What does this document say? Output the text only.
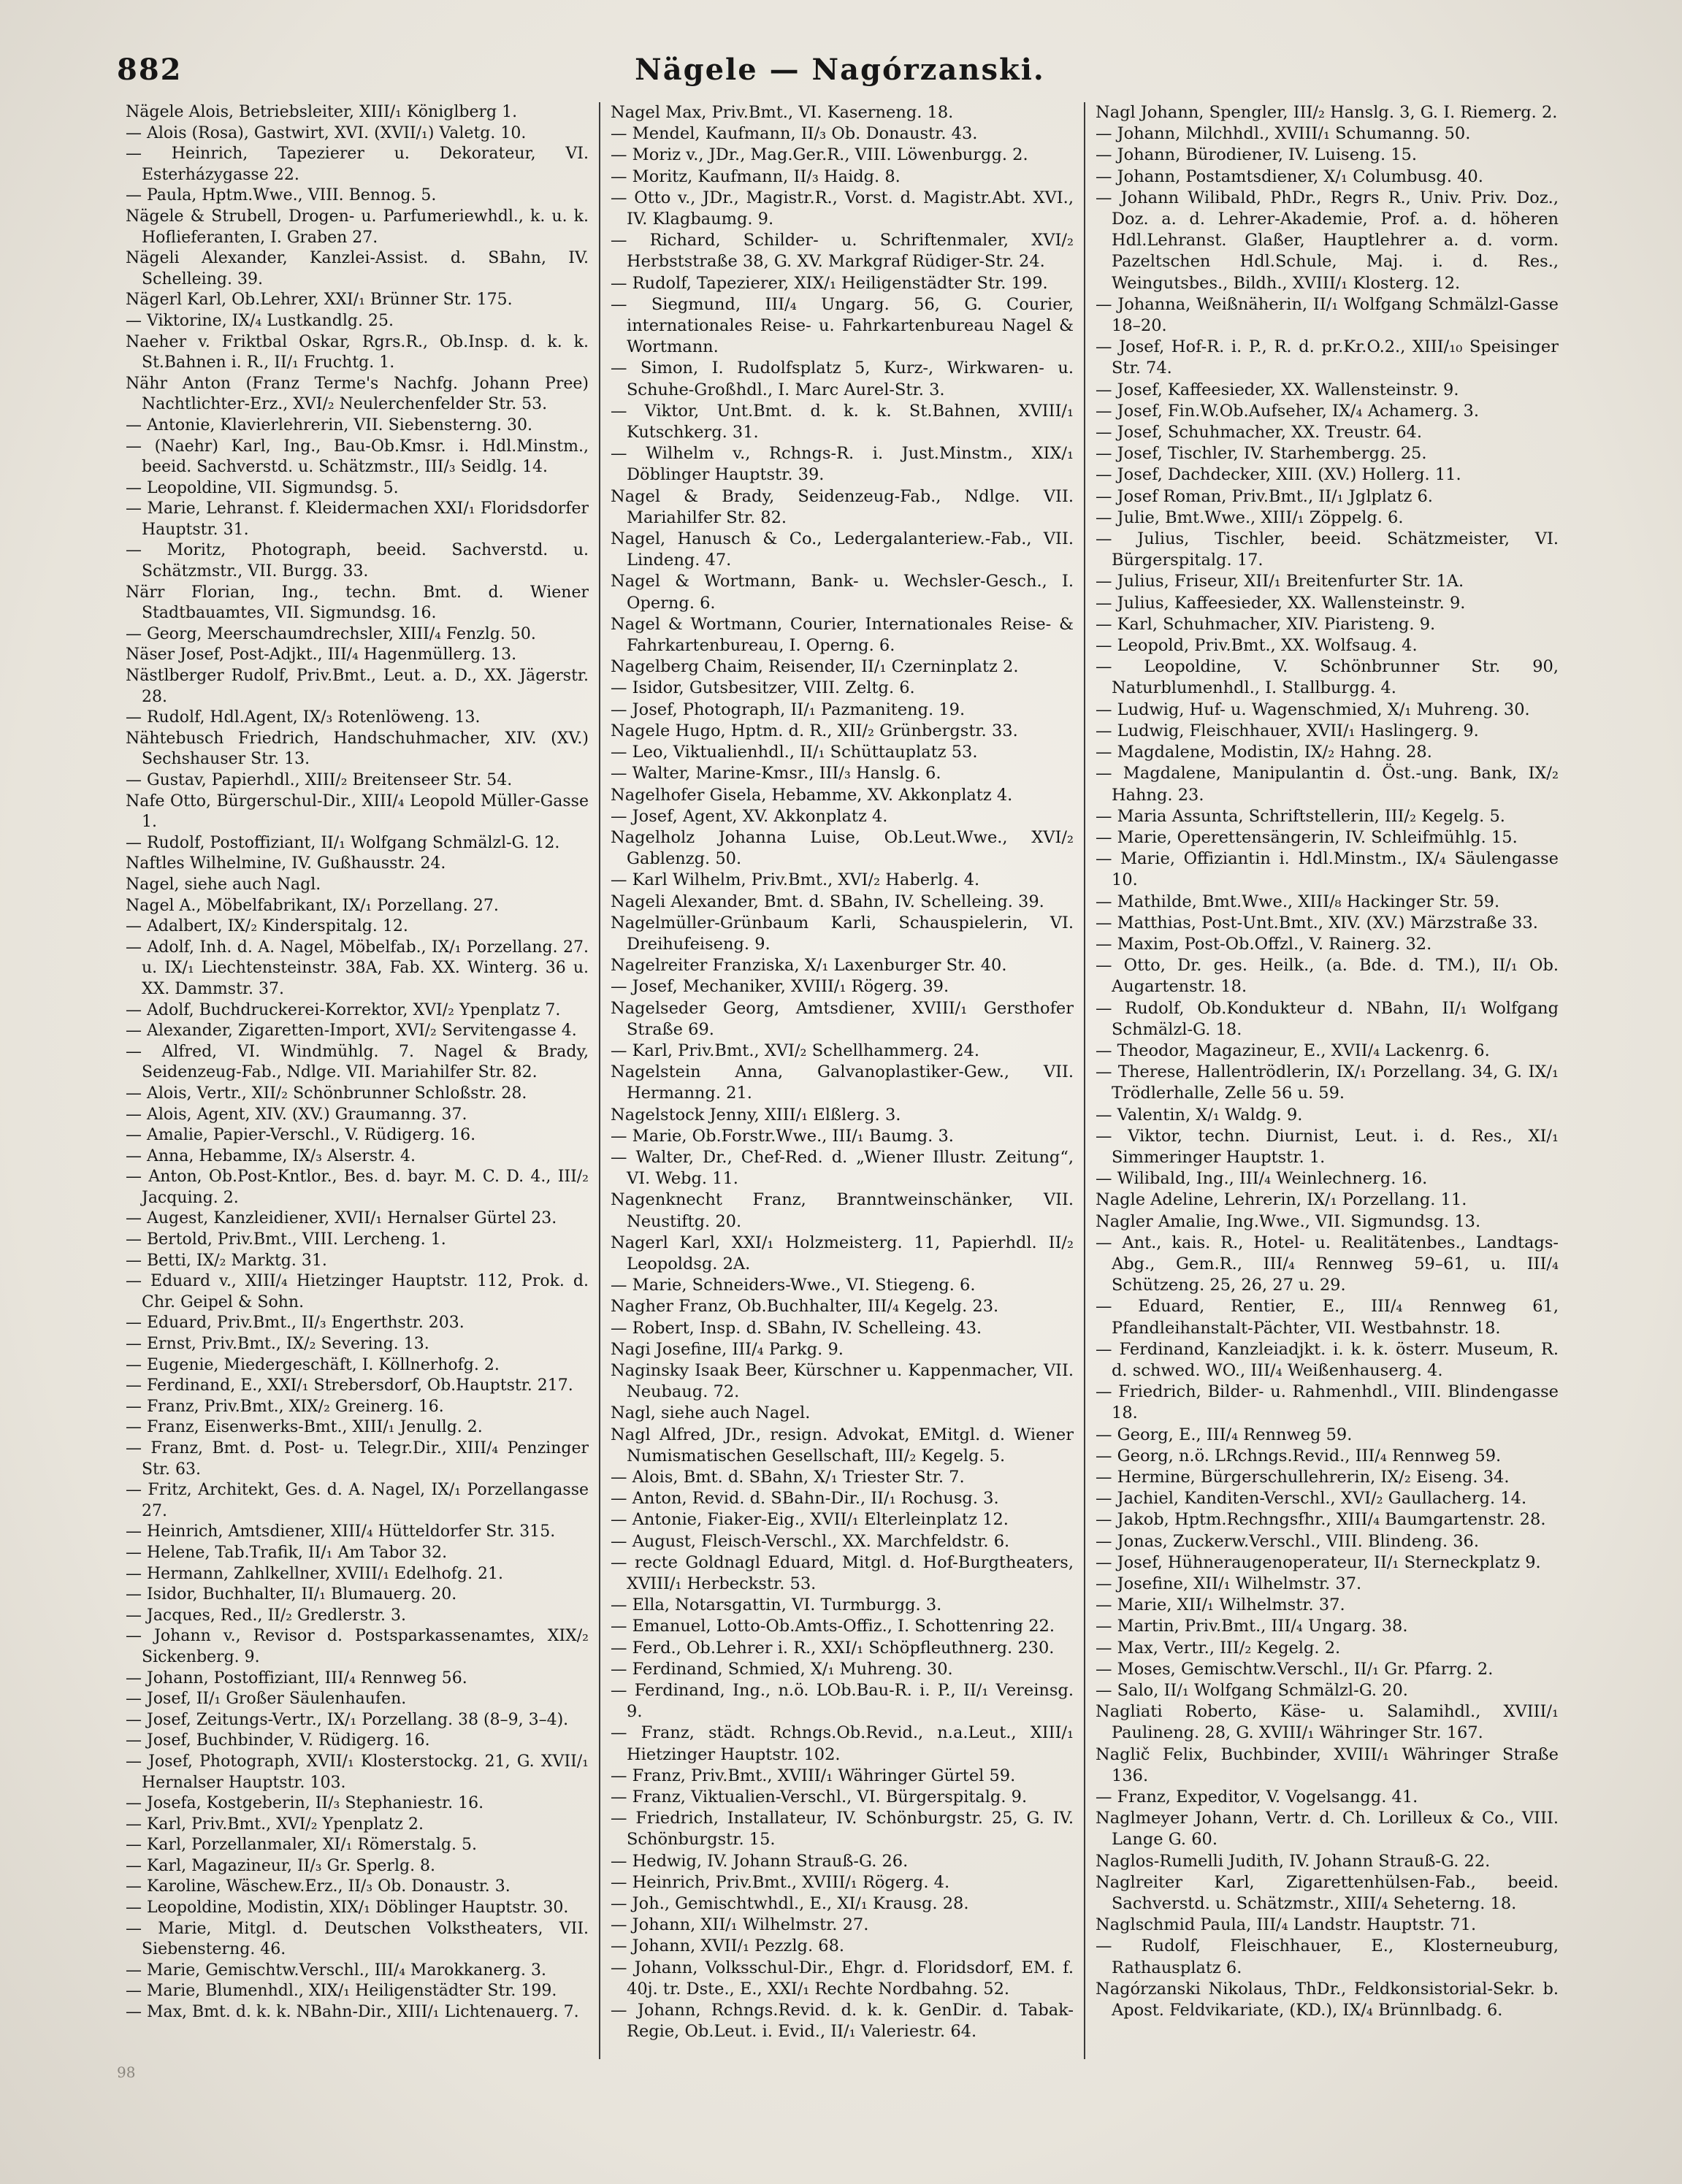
882	Nägele — Nagórzanski.

Nägele Alois, Betriebsleiter, XIII/₁ Königlberg 1.

— Alois (Rosa), Gastwirt, XVI. (XVII/₁) Valetg. 10.

— Heinrich, Tapezierer u. Dekorateur, VI. Esterházygasse 22.

— Paula, Hptm.Wwe., VIII. Bennog. 5.

Nägele & Strubell, Drogen- u. Parfumeriewhdl., k. u. k. Hoflieferanten, I. Graben 27.

Nägeli Alexander, Kanzlei-Assist. d. SBahn, IV. Schelleing. 39.

Nägerl Karl, Ob.Lehrer, XXI/₁ Brünner Str. 175.

— Viktorine, IX/₄ Lustkandlg. 25.

Naeher v. Friktbal Oskar, Rgrs.R., Ob.Insp. d. k. k. St.Bahnen i. R., II/₁ Fruchtg. 1.

Nähr Anton (Franz Terme's Nachfg. Johann Pree) Nachtlichter-Erz., XVI/₂ Neulerchenfelder Str. 53.

— Antonie, Klavierlehrerin, VII. Siebensterng. 30.

— (Naehr) Karl, Ing., Bau-Ob.Kmsr. i. Hdl.Minstm., beeid. Sachverstd. u. Schätzmstr., III/₃ Seidlg. 14.

— Leopoldine, VII. Sigmundsg. 5.

— Marie, Lehranst. f. Kleidermachen XXI/₁ Floridsdorfer Hauptstr. 31.

— Moritz, Photograph, beeid. Sachverstd. u. Schätzmstr., VII. Burgg. 33.

Närr Florian, Ing., techn. Bmt. d. Wiener Stadtbauamtes, VII. Sigmundsg. 16.

— Georg, Meerschaumdrechsler, XIII/₄ Fenzlg. 50.

Näser Josef, Post-Adjkt., III/₄ Hagenmüllerg. 13.

Nästlberger Rudolf, Priv.Bmt., Leut. a. D., XX. Jägerstr. 28.

— Rudolf, Hdl.Agent, IX/₃ Rotenlöweng. 13.

Nähtebusch Friedrich, Handschuhmacher, XIV. (XV.) Sechshauser Str. 13.

— Gustav, Papierhdl., XIII/₂ Breitenseer Str. 54.

Nafe Otto, Bürgerschul-Dir., XIII/₄ Leopold Müller-Gasse 1.

— Rudolf, Postoffiziant, II/₁ Wolfgang Schmälzl-G. 12.

Naftles Wilhelmine, IV. Gußhausstr. 24.

Nagel, siehe auch Nagl.

Nagel A., Möbelfabrikant, IX/₁ Porzellang. 27.

— Adalbert, IX/₂ Kinderspitalg. 12.

— Adolf, Inh. d. A. Nagel, Möbelfab., IX/₁ Porzellang. 27. u. IX/₁ Liechtensteinstr. 38A, Fab. XX. Winterg. 36 u. XX. Dammstr. 37.

— Adolf, Buchdruckerei-Korrektor, XVI/₂ Ypenplatz 7.

— Alexander, Zigaretten-Import, XVI/₂ Servitengasse 4.

— Alfred, VI. Windmühlg. 7. Nagel & Brady, Seidenzeug-Fab., Ndlge. VII. Mariahilfer Str. 82.

— Alois, Vertr., XII/₂ Schönbrunner Schloßstr. 28.

— Alois, Agent, XIV. (XV.) Graumanng. 37.

— Amalie, Papier-Verschl., V. Rüdigerg. 16.

— Anna, Hebamme, IX/₃ Alserstr. 4.

— Anton, Ob.Post-Kntlor., Bes. d. bayr. M. C. D. 4., III/₂ Jacquing. 2.

— Augest, Kanzleidiener, XVII/₁ Hernalser Gürtel 23.

— Bertold, Priv.Bmt., VIII. Lercheng. 1.

— Betti, IX/₂ Marktg. 31.

— Eduard v., XIII/₄ Hietzinger Hauptstr. 112, Prok. d. Chr. Geipel & Sohn.

— Eduard, Priv.Bmt., II/₃ Engerthstr. 203.

— Ernst, Priv.Bmt., IX/₂ Severing. 13.

— Eugenie, Miedergeschäft, I. Köllnerhofg. 2.

— Ferdinand, E., XXI/₁ Strebersdorf, Ob.Hauptstr. 217.

— Franz, Priv.Bmt., XIX/₂ Greinerg. 16.

— Franz, Eisenwerks-Bmt., XIII/₁ Jenullg. 2.

— Franz, Bmt. d. Post- u. Telegr.Dir., XIII/₄ Penzinger Str. 63.

— Fritz, Architekt, Ges. d. A. Nagel, IX/₁ Porzellangasse 27.

— Heinrich, Amtsdiener, XIII/₄ Hütteldorfer Str. 315.

— Helene, Tab.Trafik, II/₁ Am Tabor 32.

— Hermann, Zahlkellner, XVIII/₁ Edelhofg. 21.

— Isidor, Buchhalter, II/₁ Blumauerg. 20.

— Jacques, Red., II/₂ Gredlerstr. 3.

— Johann v., Revisor d. Postsparkassenamtes, XIX/₂ Sickenberg. 9.

— Johann, Postoffiziant, III/₄ Rennweg 56.

— Josef, II/₁ Großer Säulenhaufen.

— Josef, Zeitungs-Vertr., IX/₁ Porzellang. 38 (8–9, 3–4).

— Josef, Buchbinder, V. Rüdigerg. 16.

— Josef, Photograph, XVII/₁ Klosterstockg. 21, G. XVII/₁ Hernalser Hauptstr. 103.

— Josefa, Kostgeberin, II/₃ Stephaniestr. 16.

— Karl, Priv.Bmt., XVI/₂ Ypenplatz 2.

— Karl, Porzellanmaler, XI/₁ Römerstalg. 5.

— Karl, Magazineur, II/₃ Gr. Sperlg. 8.

— Karoline, Wäschew.Erz., II/₃ Ob. Donaustr. 3.

— Leopoldine, Modistin, XIX/₁ Döblinger Hauptstr. 30.

— Marie, Mitgl. d. Deutschen Volkstheaters, VII. Siebensterng. 46.

— Marie, Gemischtw.Verschl., III/₄ Marokkanerg. 3.

— Marie, Blumenhdl., XIX/₁ Heiligenstädter Str. 199.

— Max, Bmt. d. k. k. NBahn-Dir., XIII/₁ Lichtenauerg. 7.

Nagel Max, Priv.Bmt., VI. Kaserneng. 18.

— Mendel, Kaufmann, II/₃ Ob. Donaustr. 43.

— Moriz v., JDr., Mag.Ger.R., VIII. Löwenburgg. 2.

— Moritz, Kaufmann, II/₃ Haidg. 8.

— Otto v., JDr., Magistr.R., Vorst. d. Magistr.Abt. XVI., IV. Klagbaumg. 9.

— Richard, Schilder- u. Schriftenmaler, XVI/₂ Herbststraße 38, G. XV. Markgraf Rüdiger-Str. 24.

— Rudolf, Tapezierer, XIX/₁ Heiligenstädter Str. 199.

— Siegmund, III/₄ Ungarg. 56, G. Courier, internationales Reise- u. Fahrkartenbureau Nagel & Wortmann.

— Simon, I. Rudolfsplatz 5, Kurz-, Wirkwaren- u. Schuhe-Großhdl., I. Marc Aurel-Str. 3.

— Viktor, Unt.Bmt. d. k. k. St.Bahnen, XVIII/₁ Kutschkerg. 31.

— Wilhelm v., Rchngs-R. i. Just.Minstm., XIX/₁ Döblinger Hauptstr. 39.

Nagel & Brady, Seidenzeug-Fab., Ndlge. VII. Mariahilfer Str. 82.

Nagel, Hanusch & Co., Ledergalanteriew.-Fab., VII. Lindeng. 47.

Nagel & Wortmann, Bank- u. Wechsler-Gesch., I. Operng. 6.

Nagel & Wortmann, Courier, Internationales Reise- & Fahrkartenbureau, I. Operng. 6.

Nagelberg Chaim, Reisender, II/₁ Czerninplatz 2.

— Isidor, Gutsbesitzer, VIII. Zeltg. 6.

— Josef, Photograph, II/₁ Pazmaniteng. 19.

Nagele Hugo, Hptm. d. R., XII/₂ Grünbergstr. 33.

— Leo, Viktualienhdl., II/₁ Schüttauplatz 53.

— Walter, Marine-Kmsr., III/₃ Hanslg. 6.

Nagelhofer Gisela, Hebamme, XV. Akkonplatz 4.

— Josef, Agent, XV. Akkonplatz 4.

Nagelholz Johanna Luise, Ob.Leut.Wwe., XVI/₂ Gablenzg. 50.

— Karl Wilhelm, Priv.Bmt., XVI/₂ Haberlg. 4.

Nageli Alexander, Bmt. d. SBahn, IV. Schelleing. 39.

Nagelmüller-Grünbaum Karli, Schauspielerin, VI. Dreihufeiseng. 9.

Nagelreiter Franziska, X/₁ Laxenburger Str. 40.

— Josef, Mechaniker, XVIII/₁ Rögerg. 39.

Nagelseder Georg, Amtsdiener, XVIII/₁ Gersthofer Straße 69.

— Karl, Priv.Bmt., XVI/₂ Schellhammerg. 24.

Nagelstein Anna, Galvanoplastiker-Gew., VII. Hermanng. 21.

Nagelstock Jenny, XIII/₁ Elßlerg. 3.

— Marie, Ob.Forstr.Wwe., III/₁ Baumg. 3.

— Walter, Dr., Chef-Red. d. „Wiener Illustr. Zeitung“, VI. Webg. 11.

Nagenknecht Franz, Branntweinschänker, VII. Neustiftg. 20.

Nagerl Karl, XXI/₁ Holzmeisterg. 11, Papierhdl. II/₂ Leopoldsg. 2A.

— Marie, Schneiders-Wwe., VI. Stiegeng. 6.

Nagher Franz, Ob.Buchhalter, III/₄ Kegelg. 23.

— Robert, Insp. d. SBahn, IV. Schelleing. 43.

Nagi Josefine, III/₄ Parkg. 9.

Naginsky Isaak Beer, Kürschner u. Kappenmacher, VII. Neubaug. 72.

Nagl, siehe auch Nagel.

Nagl Alfred, JDr., resign. Advokat, EMitgl. d. Wiener Numismatischen Gesellschaft, III/₂ Kegelg. 5.

— Alois, Bmt. d. SBahn, X/₁ Triester Str. 7.

— Anton, Revid. d. SBahn-Dir., II/₁ Rochusg. 3.

— Antonie, Fiaker-Eig., XVII/₁ Elterleinplatz 12.

— August, Fleisch-Verschl., XX. Marchfeldstr. 6.

— recte Goldnagl Eduard, Mitgl. d. Hof-Burgtheaters, XVIII/₁ Herbeckstr. 53.

— Ella, Notarsgattin, VI. Turmburgg. 3.

— Emanuel, Lotto-Ob.Amts-Offiz., I. Schottenring 22.

— Ferd., Ob.Lehrer i. R., XXI/₁ Schöpfleuthnerg. 230.

— Ferdinand, Schmied, X/₁ Muhreng. 30.

— Ferdinand, Ing., n.ö. LOb.Bau-R. i. P., II/₁ Vereinsg. 9.

— Franz, städt. Rchngs.Ob.Revid., n.a.Leut., XIII/₁ Hietzinger Hauptstr. 102.

— Franz, Priv.Bmt., XVIII/₁ Währinger Gürtel 59.

— Franz, Viktualien-Verschl., VI. Bürgerspitalg. 9.

— Friedrich, Installateur, IV. Schönburgstr. 25, G. IV. Schönburgstr. 15.

— Hedwig, IV. Johann Strauß-G. 26.

— Heinrich, Priv.Bmt., XVIII/₁ Rögerg. 4.

— Joh., Gemischtwhdl., E., XI/₁ Krausg. 28.

— Johann, XII/₁ Wilhelmstr. 27.

— Johann, XVII/₁ Pezzlg. 68.

— Johann, Volksschul-Dir., Ehgr. d. Floridsdorf, EM. f. 40j. tr. Dste., E., XXI/₁ Rechte Nordbahng. 52.

— Johann, Rchngs.Revid. d. k. k. GenDir. d. Tabak-Regie, Ob.Leut. i. Evid., II/₁ Valeriestr. 64.

Nagl Johann, Spengler, III/₂ Hanslg. 3, G. I. Riemerg. 2.

— Johann, Milchhdl., XVIII/₁ Schumanng. 50.

— Johann, Bürodiener, IV. Luiseng. 15.

— Johann, Postamtsdiener, X/₁ Columbusg. 40.

— Johann Wilibald, PhDr., Regrs R., Univ. Priv. Doz., Doz. a. d. Lehrer-Akademie, Prof. a. d. höheren Hdl.Lehranst. Glaßer, Hauptlehrer a. d. vorm. Pazeltschen Hdl.Schule, Maj. i. d. Res., Weingutsbes., Bildh., XVIII/₁ Klosterg. 12.

— Johanna, Weißnäherin, II/₁ Wolfgang Schmälzl-Gasse 18–20.

— Josef, Hof-R. i. P., R. d. pr.Kr.O.2., XIII/₁₀ Speisinger Str. 74.

— Josef, Kaffeesieder, XX. Wallensteinstr. 9.

— Josef, Fin.W.Ob.Aufseher, IX/₄ Achamerg. 3.

— Josef, Schuhmacher, XX. Treustr. 64.

— Josef, Tischler, IV. Starhembergg. 25.

— Josef, Dachdecker, XIII. (XV.) Hollerg. 11.

— Josef Roman, Priv.Bmt., II/₁ Jglplatz 6.

— Julie, Bmt.Wwe., XIII/₁ Zöppelg. 6.

— Julius, Tischler, beeid. Schätzmeister, VI. Bürgerspitalg. 17.

— Julius, Friseur, XII/₁ Breitenfurter Str. 1A.

— Julius, Kaffeesieder, XX. Wallensteinstr. 9.

— Karl, Schuhmacher, XIV. Piaristeng. 9.

— Leopold, Priv.Bmt., XX. Wolfsaug. 4.

— Leopoldine, V. Schönbrunner Str. 90, Naturblumenhdl., I. Stallburgg. 4.

— Ludwig, Huf- u. Wagenschmied, X/₁ Muhreng. 30.

— Ludwig, Fleischhauer, XVII/₁ Haslingerg. 9.

— Magdalene, Modistin, IX/₂ Hahng. 28.

— Magdalene, Manipulantin d. Öst.-ung. Bank, IX/₂ Hahng. 23.

— Maria Assunta, Schriftstellerin, III/₂ Kegelg. 5.

— Marie, Operettensängerin, IV. Schleifmühlg. 15.

— Marie, Offiziantin i. Hdl.Minstm., IX/₄ Säulengasse 10.

— Mathilde, Bmt.Wwe., XIII/₈ Hackinger Str. 59.

— Matthias, Post-Unt.Bmt., XIV. (XV.) Märzstraße 33.

— Maxim, Post-Ob.Offzl., V. Rainerg. 32.

— Otto, Dr. ges. Heilk., (a. Bde. d. TM.), II/₁ Ob. Augartenstr. 18.

— Rudolf, Ob.Kondukteur d. NBahn, II/₁ Wolfgang Schmälzl-G. 18.

— Theodor, Magazineur, E., XVII/₄ Lackenrg. 6.

— Therese, Hallentrödlerin, IX/₁ Porzellang. 34, G. IX/₁ Trödlerhalle, Zelle 56 u. 59.

— Valentin, X/₁ Waldg. 9.

— Viktor, techn. Diurnist, Leut. i. d. Res., XI/₁ Simmeringer Hauptstr. 1.

— Wilibald, Ing., III/₄ Weinlechnerg. 16.

Nagle Adeline, Lehrerin, IX/₁ Porzellang. 11.

Nagler Amalie, Ing.Wwe., VII. Sigmundsg. 13.

— Ant., kais. R., Hotel- u. Realitätenbes., Landtags-Abg., Gem.R., III/₄ Rennweg 59–61, u. III/₄ Schützeng. 25, 26, 27 u. 29.

— Eduard, Rentier, E., III/₄ Rennweg 61, Pfandleihanstalt-Pächter, VII. Westbahnstr. 18.

— Ferdinand, Kanzleiadjkt. i. k. k. österr. Museum, R. d. schwed. WO., III/₄ Weißenhauserg. 4.

— Friedrich, Bilder- u. Rahmenhdl., VIII. Blindengasse 18.

— Georg, E., III/₄ Rennweg 59.

— Georg, n.ö. LRchngs.Revid., III/₄ Rennweg 59.

— Hermine, Bürgerschullehrerin, IX/₂ Eiseng. 34.

— Jachiel, Kanditen-Verschl., XVI/₂ Gaullacherg. 14.

— Jakob, Hptm.Rechngsfhr., XIII/₄ Baumgartenstr. 28.

— Jonas, Zuckerw.Verschl., VIII. Blindeng. 36.

— Josef, Hühneraugenoperateur, II/₁ Sterneckplatz 9.

— Josefine, XII/₁ Wilhelmstr. 37.

— Marie, XII/₁ Wilhelmstr. 37.

— Martin, Priv.Bmt., III/₄ Ungarg. 38.

— Max, Vertr., III/₂ Kegelg. 2.

— Moses, Gemischtw.Verschl., II/₁ Gr. Pfarrg. 2.

— Salo, II/₁ Wolfgang Schmälzl-G. 20.

Nagliati Roberto, Käse- u. Salamihdl., XVIII/₁ Paulineng. 28, G. XVIII/₁ Währinger Str. 167.

Naglič Felix, Buchbinder, XVIII/₁ Währinger Straße 136.

— Franz, Expeditor, V. Vogelsangg. 41.

Naglmeyer Johann, Vertr. d. Ch. Lorilleux & Co., VIII. Lange G. 60.

Naglos-Rumelli Judith, IV. Johann Strauß-G. 22.

Naglreiter Karl, Zigarettenhülsen-Fab., beeid. Sachverstd. u. Schätzmstr., XIII/₄ Seheterng. 18.

Naglschmid Paula, III/₄ Landstr. Hauptstr. 71.

— Rudolf, Fleischhauer, E., Klosterneuburg, Rathausplatz 6.

Nagórzanski Nikolaus, ThDr., Feldkonsistorial-Sekr. b. Apost. Feldvikariate, (KD.), IX/₄ Brünnlbadg. 6.

98
